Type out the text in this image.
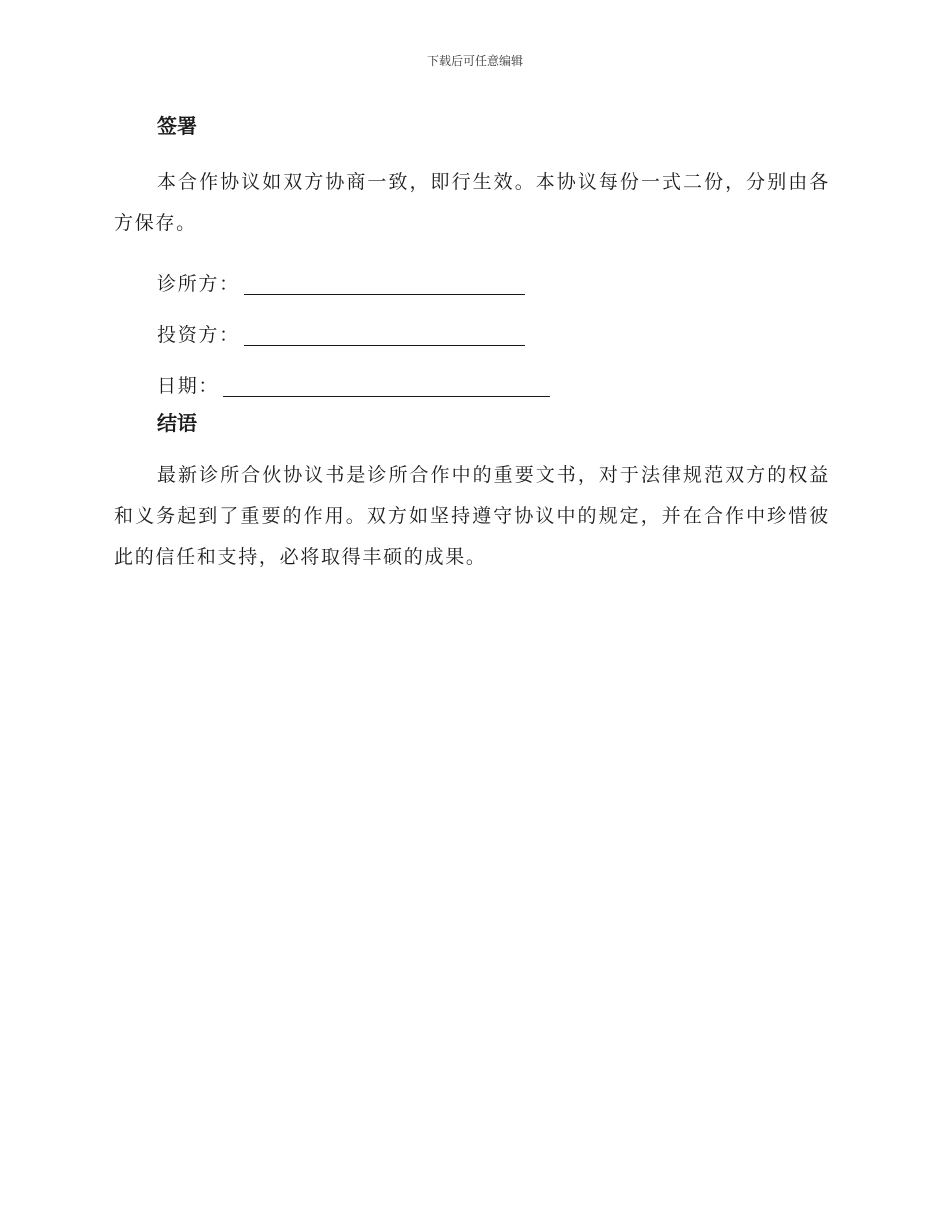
下载后可任意编辑
签署

本合作协议如双方协商一致，即行生效。本协议每份一式二份，分别由各方保存。

诊所方：
投资方：
日期：
结语

最新诊所合伙协议书是诊所合作中的重要文书，对于法律规范双方的权益和义务起到了重要的作用。双方如坚持遵守协议中的规定，并在合作中珍惜彼此的信任和支持，必将取得丰硕的成果。
